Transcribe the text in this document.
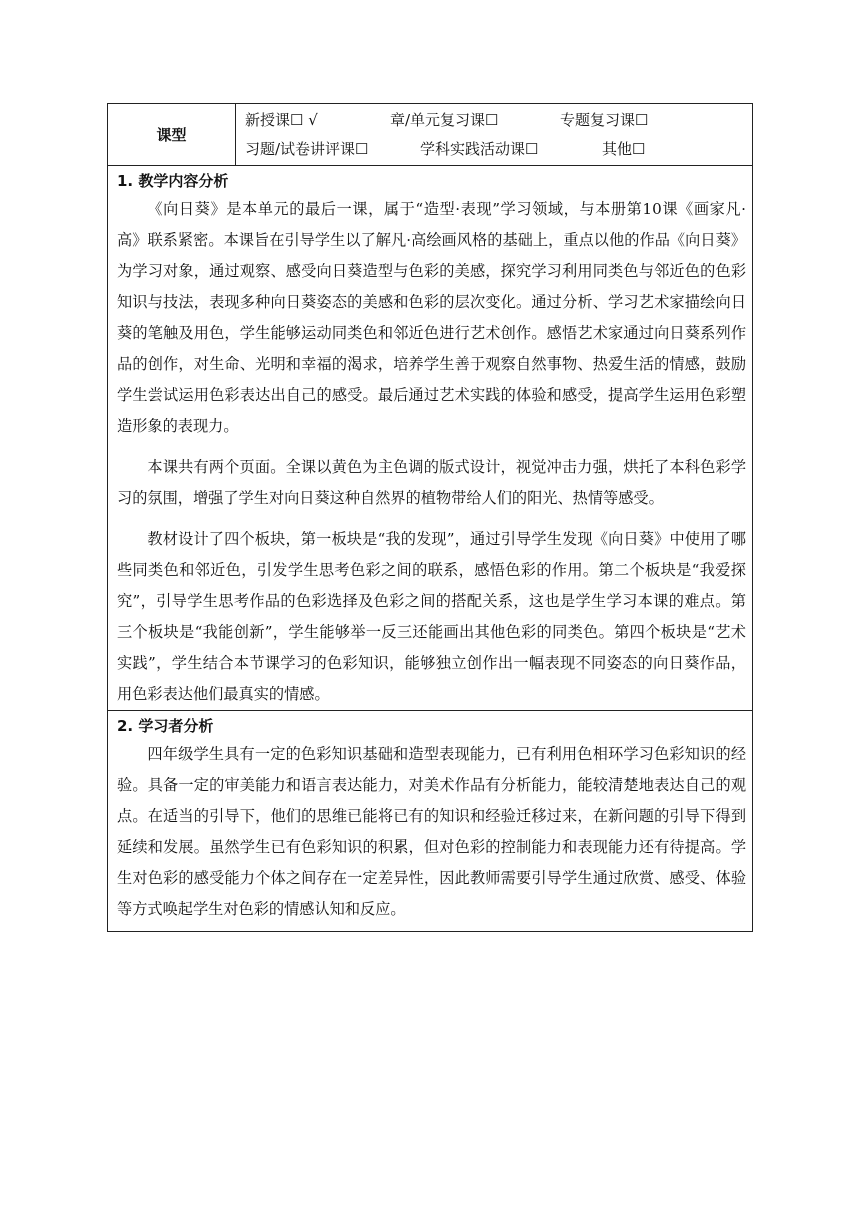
课型
新授课☐ √	章/单元复习课☐	专题复习课☐
习题/试卷讲评课☐	学科实践活动课☐	其他☐
1. 教学内容分析

《向日葵》是本单元的最后一课，属于“造型·表现”学习领域，与本册第10课《画家凡·高》联系紧密。本课旨在引导学生以了解凡·高绘画风格的基础上，重点以他的作品《向日葵》为学习对象，通过观察、感受向日葵造型与色彩的美感，探究学习利用同类色与邻近色的色彩知识与技法，表现多种向日葵姿态的美感和色彩的层次变化。通过分析、学习艺术家描绘向日葵的笔触及用色，学生能够运动同类色和邻近色进行艺术创作。感悟艺术家通过向日葵系列作品的创作，对生命、光明和幸福的渴求，培养学生善于观察自然事物、热爱生活的情感，鼓励学生尝试运用色彩表达出自己的感受。最后通过艺术实践的体验和感受，提高学生运用色彩塑造形象的表现力。

本课共有两个页面。全课以黄色为主色调的版式设计，视觉冲击力强，烘托了本科色彩学习的氛围，增强了学生对向日葵这种自然界的植物带给人们的阳光、热情等感受。

教材设计了四个板块，第一板块是“我的发现”，通过引导学生发现《向日葵》中使用了哪些同类色和邻近色，引发学生思考色彩之间的联系，感悟色彩的作用。第二个板块是“我爱探究”，引导学生思考作品的色彩选择及色彩之间的搭配关系，这也是学生学习本课的难点。第三个板块是“我能创新”，学生能够举一反三还能画出其他色彩的同类色。第四个板块是“艺术实践”，学生结合本节课学习的色彩知识，能够独立创作出一幅表现不同姿态的向日葵作品，用色彩表达他们最真实的情感。

2. 学习者分析

四年级学生具有一定的色彩知识基础和造型表现能力，已有利用色相环学习色彩知识的经验。具备一定的审美能力和语言表达能力，对美术作品有分析能力，能较清楚地表达自己的观点。在适当的引导下，他们的思维已能将已有的知识和经验迁移过来，在新问题的引导下得到延续和发展。虽然学生已有色彩知识的积累，但对色彩的控制能力和表现能力还有待提高。学生对色彩的感受能力个体之间存在一定差异性，因此教师需要引导学生通过欣赏、感受、体验等方式唤起学生对色彩的情感认知和反应。
